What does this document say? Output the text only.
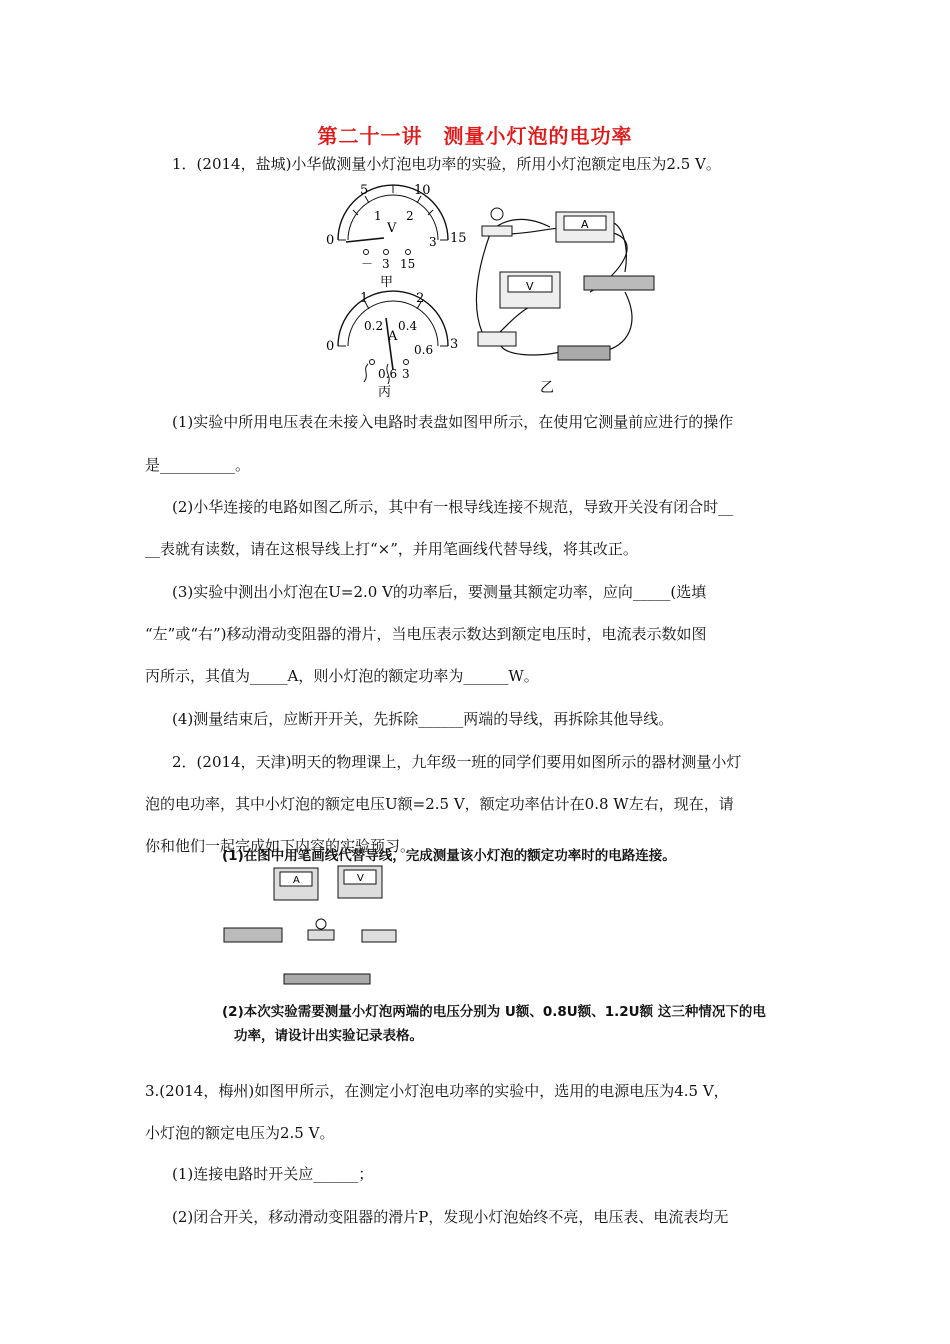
第二十一讲　测量小灯泡的电功率
1．(2014，盐城)小华做测量小灯泡电功率的实验，所用小灯泡额定电压为2.5 V。
0
1 2
3
5	10
15
V
－ 3 15
甲
0
0.2 0.4
0.6
1	2
3
A
0.6 3
丙
A
V
乙
(1)实验中所用电压表在未接入电路时表盘如图甲所示，在使用它测量前应进行的操作
是__________。
(2)小华连接的电路如图乙所示，其中有一根导线连接不规范，导致开关没有闭合时__
__表就有读数，请在这根导线上打“×”，并用笔画线代替导线，将其改正。
(3)实验中测出小灯泡在U=2.0 V的功率后，要测量其额定功率，应向_____(选填
“左”或“右”)移动滑动变阻器的滑片，当电压表示数达到额定电压时，电流表示数如图
丙所示，其值为_____A，则小灯泡的额定功率为______W。
(4)测量结束后，应断开开关，先拆除______两端的导线，再拆除其他导线。
2．(2014，天津)明天的物理课上，九年级一班的同学们要用如图所示的器材测量小灯
泡的电功率，其中小灯泡的额定电压U额=2.5 V，额定功率估计在0.8 W左右，现在，请
你和他们一起完成如下内容的实验预习。
(1)在图中用笔画线代替导线，完成测量该小灯泡的额定功率时的电路连接。
A	V
(2)本次实验需要测量小灯泡两端的电压分别为 U额、0.8U额、1.2U额 这三种情况下的电
功率，请设计出实验记录表格。
3.(2014，梅州)如图甲所示，在测定小灯泡电功率的实验中，选用的电源电压为4.5 V，
小灯泡的额定电压为2.5 V。
(1)连接电路时开关应______；
(2)闭合开关，移动滑动变阻器的滑片P，发现小灯泡始终不亮，电压表、电流表均无
